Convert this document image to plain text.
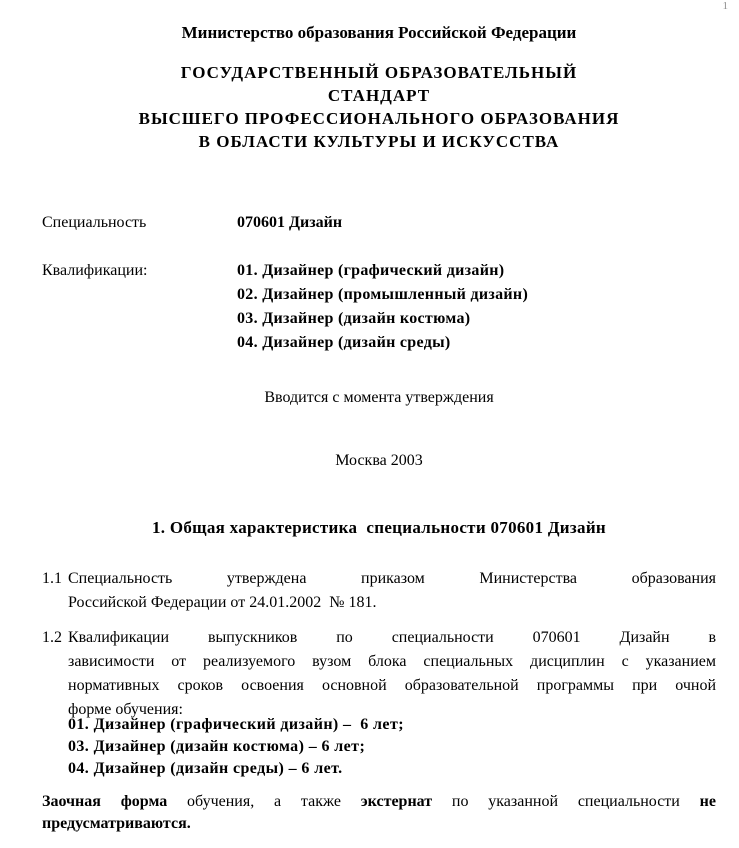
1
Министерство образования Российской Федерации
ГОСУДАРСТВЕННЫЙ ОБРАЗОВАТЕЛЬНЫЙ
СТАНДАРТ
ВЫСШЕГО ПРОФЕССИОНАЛЬНОГО ОБРАЗОВАНИЯ
В ОБЛАСТИ КУЛЬТУРЫ И ИСКУССТВА
Специальность	070601 Дизайн
Квалификации:	01. Дизайнер (графический дизайн)
02. Дизайнер (промышленный дизайн)
03. Дизайнер (дизайн костюма)
04. Дизайнер (дизайн среды)
Вводится с момента утверждения
Москва 2003
1. Общая характеристика  специальности 070601 Дизайн
1.1 Специальность утверждена приказом Министерства образования
Российской Федерации от 24.01.2002  № 181.
1.2 Квалификации выпускников по специальности 070601 Дизайн в
зависимости от реализуемого вузом блока специальных дисциплин с указанием
нормативных сроков освоения основной образовательной программы при очной
форме обучения:
01. Дизайнер (графический дизайн) –  6 лет;
03. Дизайнер (дизайн костюма) – 6 лет;
04. Дизайнер (дизайн среды) – 6 лет.
Заочная форма обучения, а также экстернат по указанной специальности не
предусматриваются.
